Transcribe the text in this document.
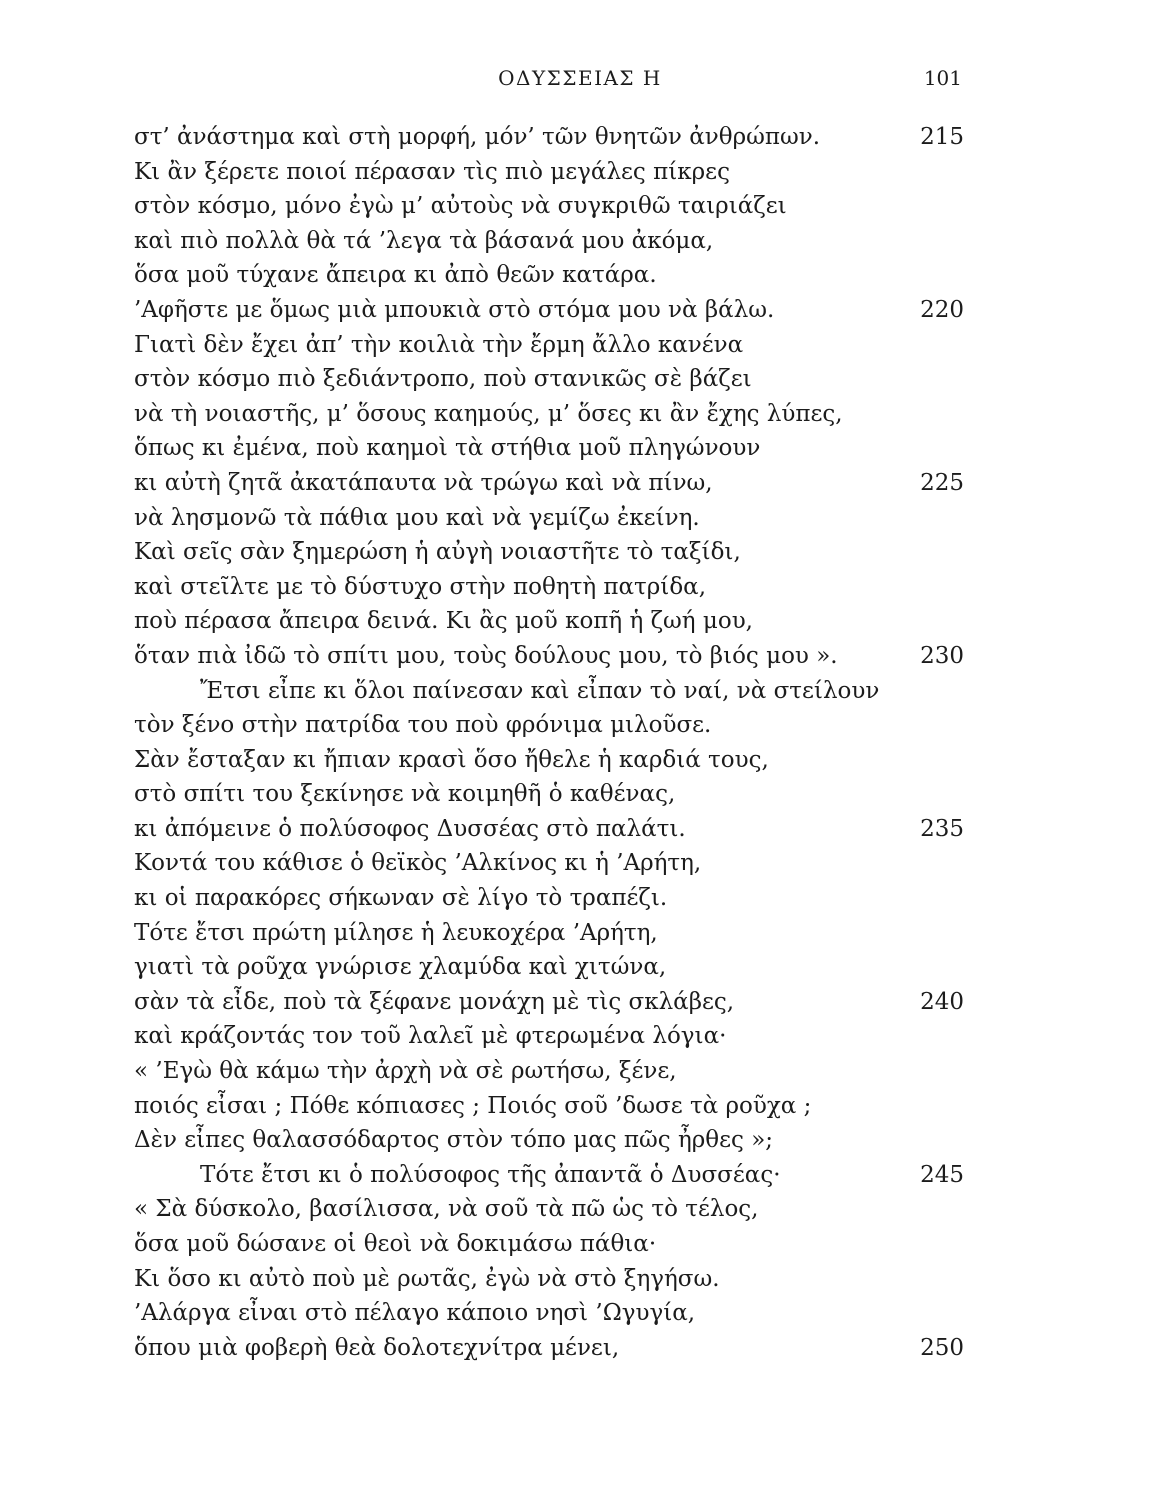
ΟΔΥΣΣΕΙΑΣ Η	101
στ’ ἀνάστημα καὶ στὴ μορφή, μόν’ τῶν θνητῶν ἀνθρώπων.	215
Κι ἂν ξέρετε ποιοί πέρασαν τὶς πιὸ μεγάλες πίκρες
στὸν κόσμο, μόνο ἐγὼ μ’ αὐτοὺς νὰ συγκριθῶ ταιριάζει
καὶ πιὸ πολλὰ θὰ τά ’λεγα τὰ βάσανά μου ἀκόμα,
ὅσα μοῦ τύχανε ἄπειρα κι ἀπὸ θεῶν κατάρα.
’Αφῆστε με ὅμως μιὰ μπουκιὰ στὸ στόμα μου νὰ βάλω.	220
Γιατὶ δὲν ἔχει ἀπ’ τὴν κοιλιὰ τὴν ἔρμη ἄλλο κανένα
στὸν κόσμο πιὸ ξεδιάντροπο, ποὺ στανικῶς σὲ βάζει
νὰ τὴ νοιαστῆς, μ’ ὅσους καημούς, μ’ ὅσες κι ἂν ἔχης λύπες,
ὅπως κι ἐμένα, ποὺ καημοὶ τὰ στήθια μοῦ πληγώνουν
κι αὐτὴ ζητᾶ ἀκατάπαυτα νὰ τρώγω καὶ νὰ πίνω,	225
νὰ λησμονῶ τὰ πάθια μου καὶ νὰ γεμίζω ἐκείνη.
Καὶ σεῖς σὰν ξημερώση ἡ αὐγὴ νοιαστῆτε τὸ ταξίδι,
καὶ στεῖλτε με τὸ δύστυχο στὴν ποθητὴ πατρίδα,
ποὺ πέρασα ἄπειρα δεινά. Κι ἂς μοῦ κοπῆ ἡ ζωή μου,
ὅταν πιὰ ἰδῶ τὸ σπίτι μου, τοὺς δούλους μου, τὸ βιός μου ».	230
Ἔτσι εἶπε κι ὅλοι παίνεσαν καὶ εἶπαν τὸ ναί, νὰ στείλουν
τὸν ξένο στὴν πατρίδα του ποὺ φρόνιμα μιλοῦσε.
Σὰν ἔσταξαν κι ἤπιαν κρασὶ ὅσο ἤθελε ἡ καρδιά τους,
στὸ σπίτι του ξεκίνησε νὰ κοιμηθῆ ὁ καθένας,
κι ἀπόμεινε ὁ πολύσοφος Δυσσέας στὸ παλάτι.	235
Κοντά του κάθισε ὁ θεϊκὸς ’Αλκίνος κι ἡ ’Αρήτη,
κι οἱ παρακόρες σήκωναν σὲ λίγο τὸ τραπέζι.
Τότε ἔτσι πρώτη μίλησε ἡ λευκοχέρα ’Αρήτη,
γιατὶ τὰ ροῦχα γνώρισε χλαμύδα καὶ χιτώνα,
σὰν τὰ εἶδε, ποὺ τὰ ξέφανε μονάχη μὲ τὶς σκλάβες,	240
καὶ κράζοντάς τον τοῦ λαλεῖ μὲ φτερωμένα λόγια·
« ’Εγὼ θὰ κάμω τὴν ἀρχὴ νὰ σὲ ρωτήσω, ξένε,
ποιός εἶσαι ; Πόθε κόπιασες ; Ποιός σοῦ ’δωσε τὰ ροῦχα ;
Δὲν εἶπες θαλασσόδαρτος στὸν τόπο μας πῶς ἦρθες »;
Τότε ἔτσι κι ὁ πολύσοφος τῆς ἀπαντᾶ ὁ Δυσσέας·	245
« Σὰ δύσκολο, βασίλισσα, νὰ σοῦ τὰ πῶ ὡς τὸ τέλος,
ὅσα μοῦ δώσανε οἱ θεοὶ νὰ δοκιμάσω πάθια·
Κι ὅσο κι αὐτὸ ποὺ μὲ ρωτᾶς, ἐγὼ νὰ στὸ ξηγήσω.
’Αλάργα εἶναι στὸ πέλαγο κάποιο νησὶ ’Ωγυγία,
ὅπου μιὰ φοβερὴ θεὰ δολοτεχνίτρα μένει,	250
